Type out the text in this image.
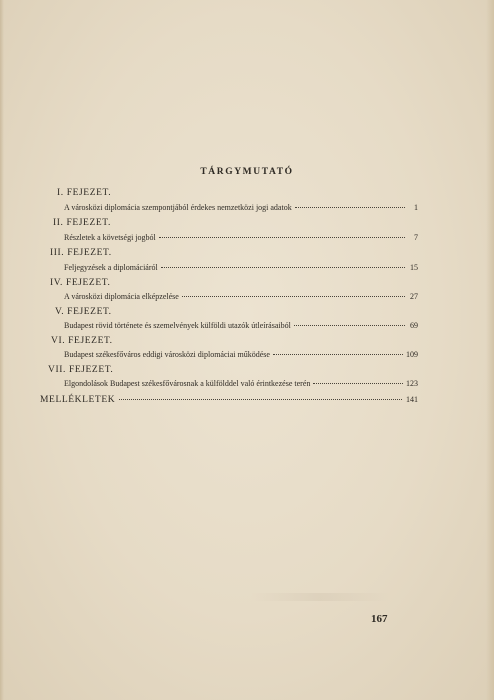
TÁRGYMUTATÓ
I. FEJEZET.
A városközi diplomácia szempontjából érdekes nemzetközi jogi adatok	1
II. FEJEZET.
Részletek a követségi jogból	7
III. FEJEZET.
Feljegyzések a diplomáciáról	15
IV. FEJEZET.
A városközi diplomácia elképzelése	27
V. FEJEZET.
Budapest rövid története és szemelvények külföldi utazók útleírásaiból	69
VI. FEJEZET.
Budapest székesfőváros eddigi városközi diplomáciai működése	109
VII. FEJEZET.
Elgondolások Budapest székesfővárosnak a külfölddel való érintkezése terén	123
MELLÉKLETEK	141
167
